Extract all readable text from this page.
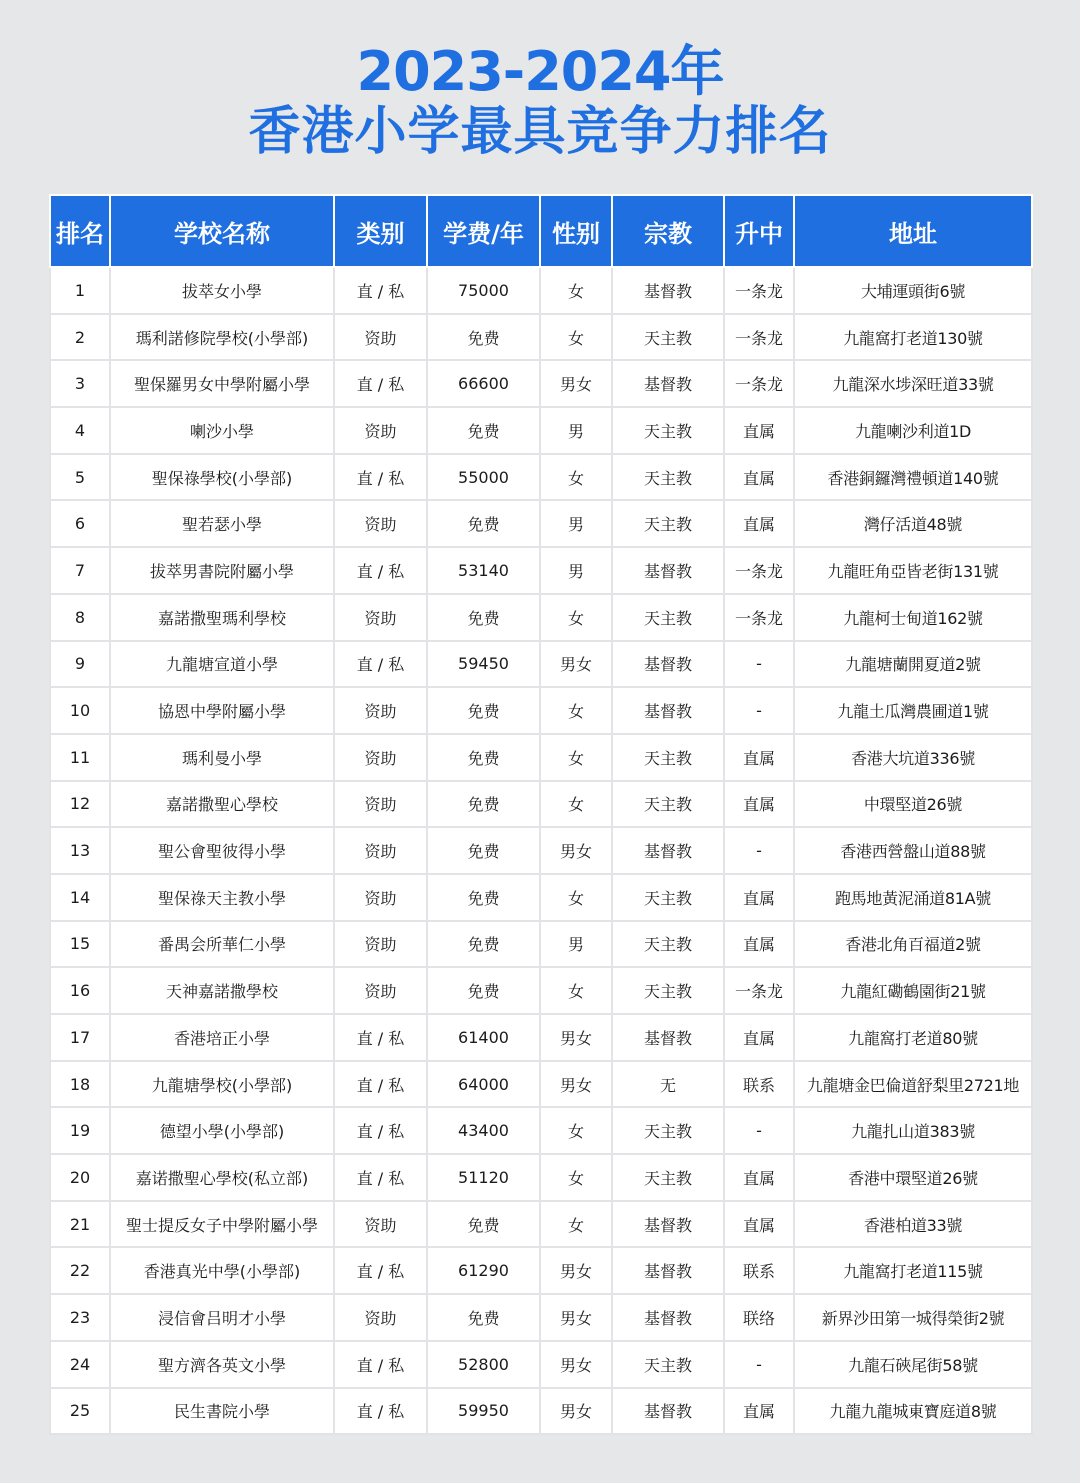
2023-2024年
香港小学最具竞争力排名
排名	学校名称	类别	学费/年	性别	宗教	升中	地址
1	拔萃女小學	直 / 私	75000	女	基督教	一条龙	大埔運頭街6號
2	瑪利諾修院學校(小學部)	资助	免费	女	天主教	一条龙	九龍窩打老道130號
3	聖保羅男女中學附屬小學	直 / 私	66600	男女	基督教	一条龙	九龍深水埗深旺道33號
4	喇沙小學	资助	免费	男	天主教	直属	九龍喇沙利道1D
5	聖保祿學校(小學部)	直 / 私	55000	女	天主教	直属	香港銅鑼灣禮頓道140號
6	聖若瑟小學	资助	免费	男	天主教	直属	灣仔活道48號
7	拔萃男書院附屬小學	直 / 私	53140	男	基督教	一条龙	九龍旺角亞皆老街131號
8	嘉諾撒聖瑪利學校	资助	免费	女	天主教	一条龙	九龍柯士甸道162號
9	九龍塘宣道小學	直 / 私	59450	男女	基督教	-	九龍塘蘭開夏道2號
10	協恩中學附屬小學	资助	免费	女	基督教	-	九龍土瓜灣農圃道1號
11	瑪利曼小學	资助	免费	女	天主教	直属	香港大坑道336號
12	嘉諾撒聖心學校	资助	免费	女	天主教	直属	中環堅道26號
13	聖公會聖彼得小學	资助	免费	男女	基督教	-	香港西營盤山道88號
14	聖保祿天主教小學	资助	免费	女	天主教	直属	跑馬地黃泥涌道81A號
15	番禺会所華仁小學	资助	免费	男	天主教	直属	香港北角百福道2號
16	天神嘉諾撒學校	资助	免费	女	天主教	一条龙	九龍紅磡鶴園街21號
17	香港培正小學	直 / 私	61400	男女	基督教	直属	九龍窩打老道80號
18	九龍塘學校(小學部)	直 / 私	64000	男女	无	联系	九龍塘金巴倫道舒梨里2721地
19	德望小學(小學部)	直 / 私	43400	女	天主教	-	九龍扎山道383號
20	嘉诺撒聖心學校(私立部)	直 / 私	51120	女	天主教	直属	香港中環堅道26號
21	聖士提反女子中學附屬小學	资助	免费	女	基督教	直属	香港柏道33號
22	香港真光中學(小學部)	直 / 私	61290	男女	基督教	联系	九龍窩打老道115號
23	浸信會吕明才小學	资助	免费	男女	基督教	联络	新界沙田第一城得榮街2號
24	聖方濟各英文小學	直 / 私	52800	男女	天主教	-	九龍石硤尾街58號
25	民生書院小學	直 / 私	59950	男女	基督教	直属	九龍九龍城東寶庭道8號
